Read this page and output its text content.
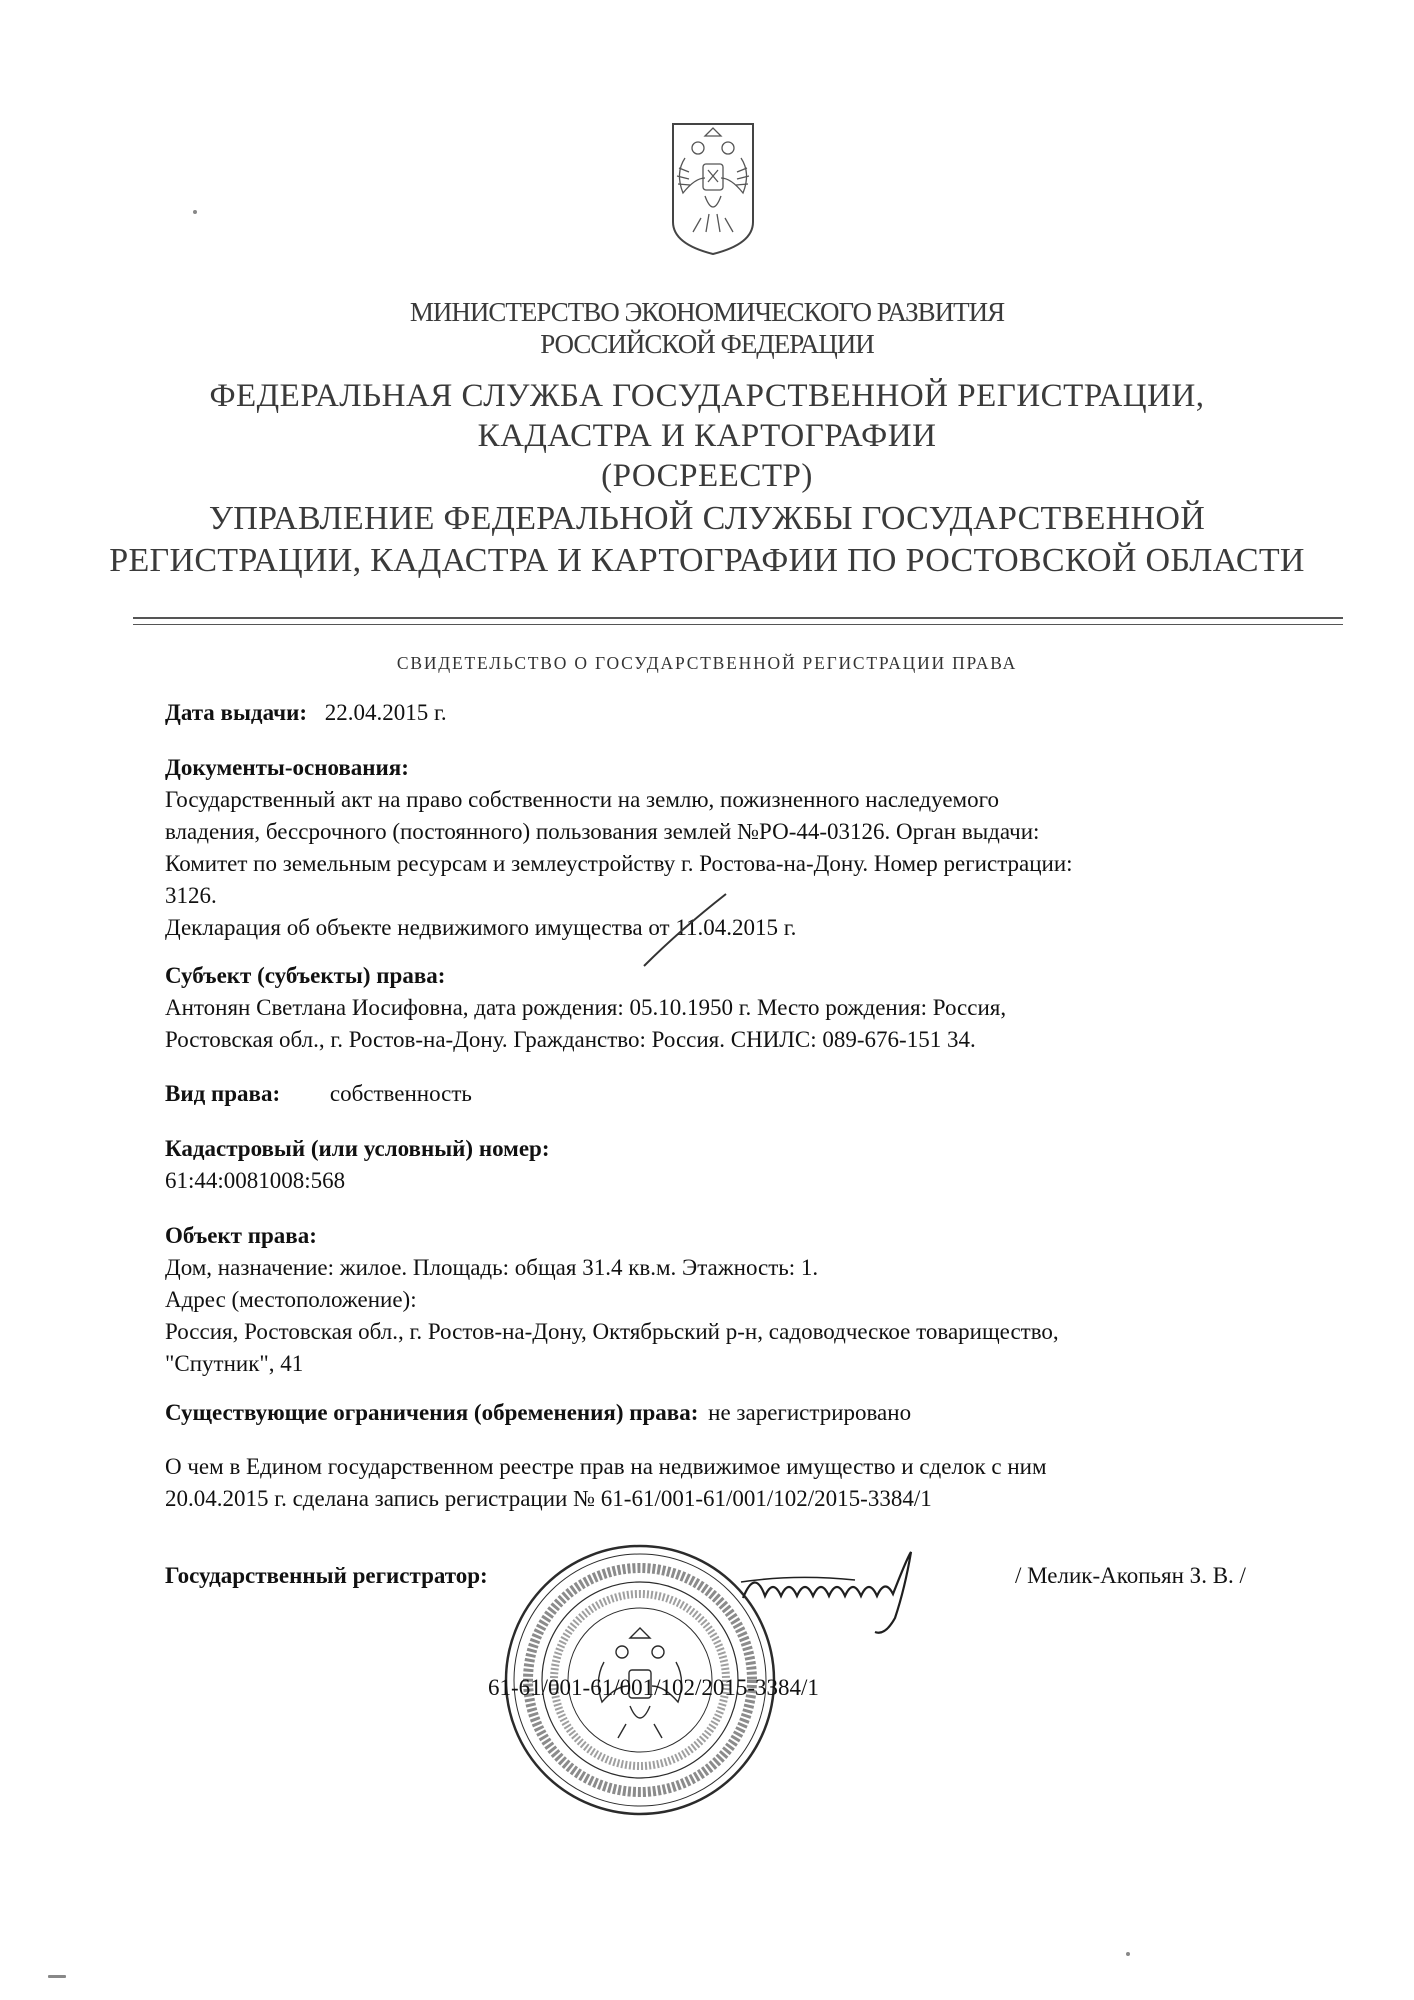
МИНИСТЕРСТВО ЭКОНОМИЧЕСКОГО РАЗВИТИЯ
РОССИЙСКОЙ ФЕДЕРАЦИИ
ФЕДЕРАЛЬНАЯ СЛУЖБА ГОСУДАРСТВЕННОЙ РЕГИСТРАЦИИ,
КАДАСТРА И КАРТОГРАФИИ
(РОСРЕЕСТР)
УПРАВЛЕНИЕ ФЕДЕРАЛЬНОЙ СЛУЖБЫ ГОСУДАРСТВЕННОЙ
РЕГИСТРАЦИИ, КАДАСТРА И КАРТОГРАФИИ ПО РОСТОВСКОЙ ОБЛАСТИ
СВИДЕТЕЛЬСТВО О ГОСУДАРСТВЕННОЙ РЕГИСТРАЦИИ ПРАВА
Дата выдачи: 22.04.2015 г.
Документы-основания:
Государственный акт на право собственности на землю, пожизненного наследуемого
владения, бессрочного (постоянного) пользования землей №РО-44-03126. Орган выдачи:
Комитет по земельным ресурсам и землеустройству г. Ростова-на-Дону. Номер регистрации:
3126.
Декларация об объекте недвижимого имущества от 11.04.2015 г.
Субъект (субъекты) права:
Антонян Светлана Иосифовна, дата рождения: 05.10.1950 г. Место рождения: Россия,
Ростовская обл., г. Ростов-на-Дону. Гражданство: Россия. СНИЛС: 089-676-151 34.
Вид права: собственность
Кадастровый (или условный) номер:
61:44:0081008:568
Объект права:
Дом, назначение: жилое. Площадь: общая 31.4 кв.м. Этажность: 1.
Адрес (местоположение):
Россия, Ростовская обл., г. Ростов-на-Дону, Октябрьский р-н, садоводческое товарищество,
"Спутник", 41
Существующие ограничения (обременения) права: не зарегистрировано
О чем в Едином государственном реестре прав на недвижимое имущество и сделок с ним
20.04.2015 г. сделана запись регистрации № 61-61/001-61/001/102/2015-3384/1
Государственный регистратор:	/ Мелик-Акопьян З. В. /
61-61/001-61/001/102/2015-3384/1
